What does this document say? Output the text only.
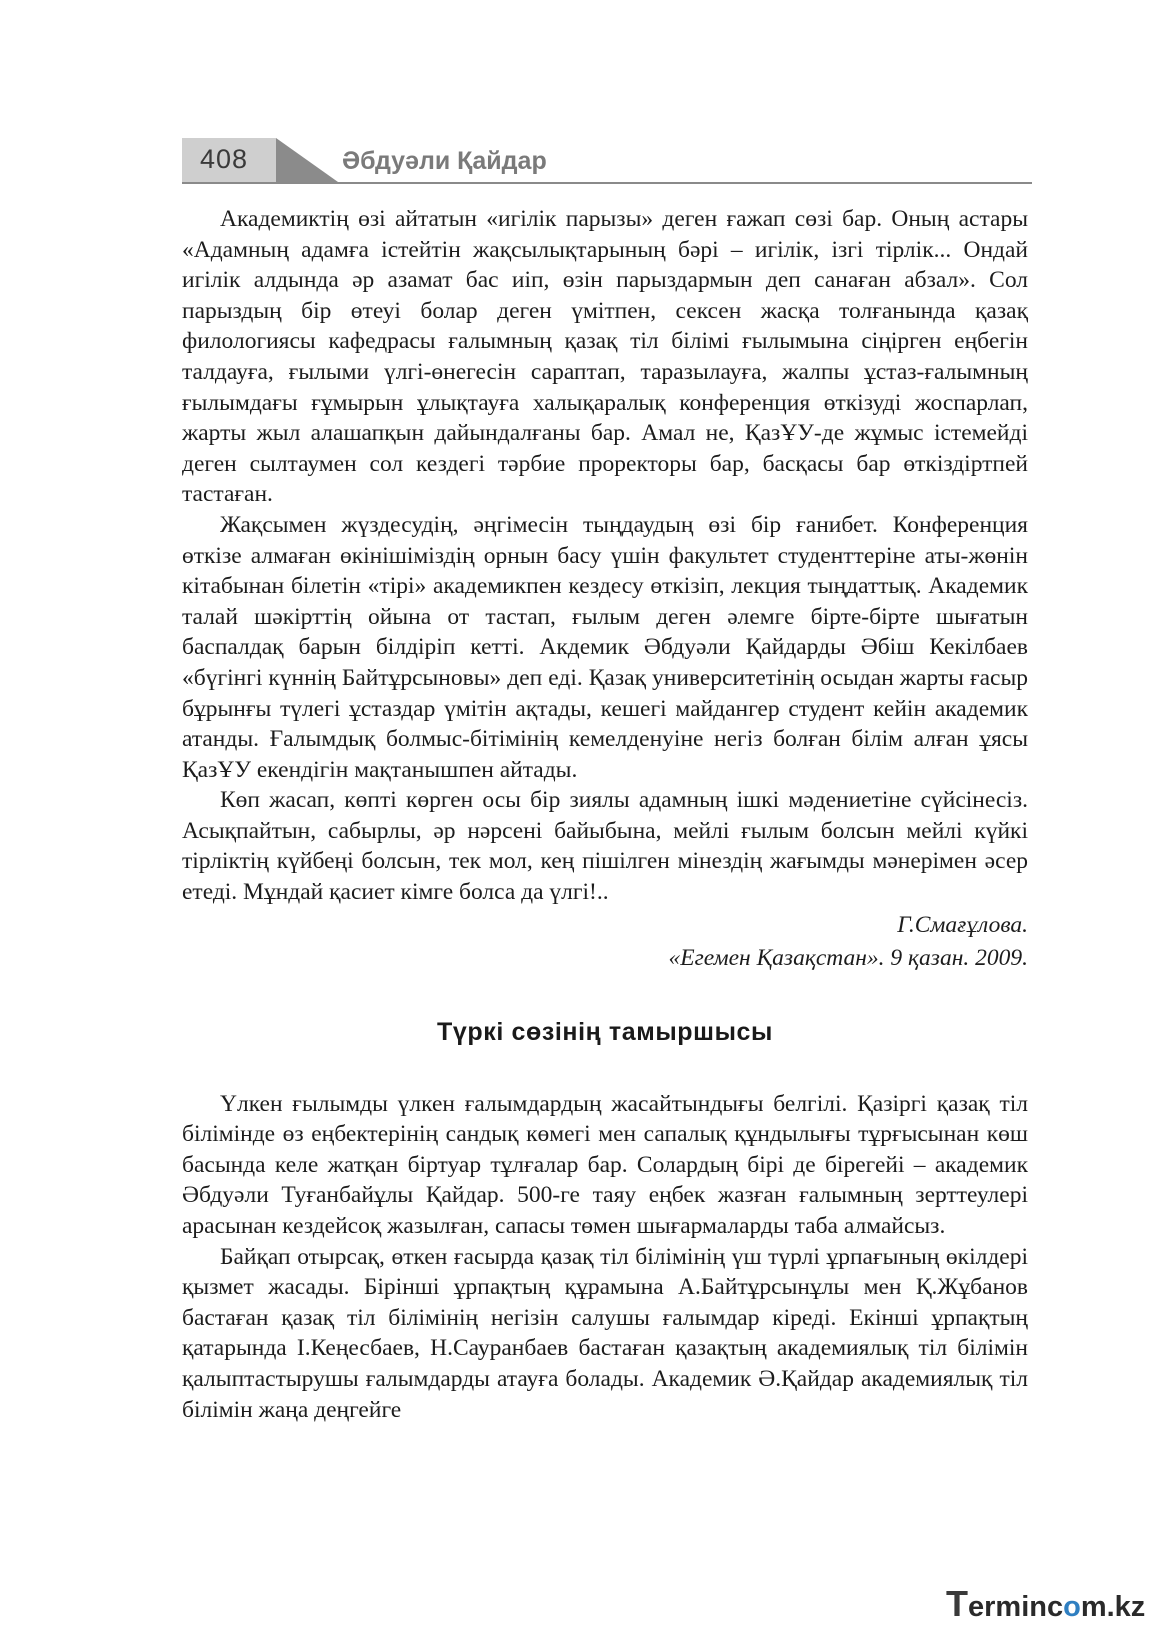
408	Әбдуәли Қайдар

Академиктің өзі айтатын «игілік парызы» деген ғажап сөзі бар. Оның астары «Адамның адамға істейтін жақсылықтарының бәрі – игілік, ізгі тірлік... Ондай игілік алдында әр азамат бас иіп, өзін парыздармын деп санаған абзал». Сол парыздың бір өтеуі болар деген үмітпен, сексен жасқа толғанында қазақ филологиясы кафедрасы ғалымның қазақ тіл білімі ғылымына сіңірген еңбегін талдауға, ғылыми үлгі-өнегесін сараптап, таразылауға, жалпы ұстаз-ғалымның ғылымдағы ғұмырын ұлықтауға халықаралық конференция өткізуді жоспарлап, жарты жыл алашапқын дайындалғаны бар. Амал не, ҚазҰУ-де жұмыс істемейді деген сылтаумен сол кездегі тәрбие проректоры бар, басқасы бар өткіздіртпей тастаған.

Жақсымен жүздесудің, әңгімесін тыңдаудың өзі бір ғанибет. Конференция өткізе алмаған өкінішіміздің орнын басу үшін факультет студенттеріне аты-жөнін кітабынан білетін «тірі» академикпен кездесу өткізіп, лекция тыңдаттық. Академик талай шәкірттің ойына от тастап, ғылым деген әлемге бірте-бірте шығатын баспалдақ барын білдіріп кетті. Акдемик Әбдуәли Қайдарды Әбіш Кекілбаев «бүгінгі күннің Байтұрсыновы» деп еді. Қазақ университетінің осыдан жарты ғасыр бұрынғы түлегі ұстаздар үмітін ақтады, кешегі майдангер студент кейін академик атанды. Ғалымдық болмыс-бітімінің кемелденуіне негіз болған білім алған ұясы ҚазҰУ екендігін мақтанышпен айтады.

Көп жасап, көпті көрген осы бір зиялы адамның ішкі мәдениетіне сүйсінесіз. Асықпайтын, сабырлы, әр нәрсені байыбына, мейлі ғылым болсын мейлі күйкі тірліктің күйбеңі болсын, тек мол, кең пішілген мінездің жағымды мәнерімен әсер етеді. Мұндай қасиет кімге болса да үлгі!..

Г.Смағұлова.
«Егемен Қазақстан». 9 қазан. 2009.
Түркі сөзінің тамыршысы

Үлкен ғылымды үлкен ғалымдардың жасайтындығы белгілі. Қазіргі қазақ тіл білімінде өз еңбектерінің сандық көмегі мен сапалық құндылығы тұрғысынан көш басында келе жатқан біртуар тұлғалар бар. Солардың бірі де бірегейі – академик Әбдуәли Туғанбайұлы Қайдар. 500-ге таяу еңбек жазған ғалымның зерттеулері арасынан кездейсоқ жазылған, сапасы төмен шығармаларды таба алмайсыз.

Байқап отырсақ, өткен ғасырда қазақ тіл білімінің үш түрлі ұрпағының өкілдері қызмет жасады. Бірінші ұрпақтың құрамына А.Байтұрсынұлы мен Қ.Жұбанов бастаған қазақ тіл білімінің негізін салушы ғалымдар кіреді. Екінші ұрпақтың қатарында І.Кеңесбаев, Н.Сауранбаев бастаған қазақтың академиялық тіл білімін қалыптастырушы ғалымдарды атауға болады. Академик Ә.Қайдар академиялық тіл білімін жаңа деңгейге

Termincom.kz
